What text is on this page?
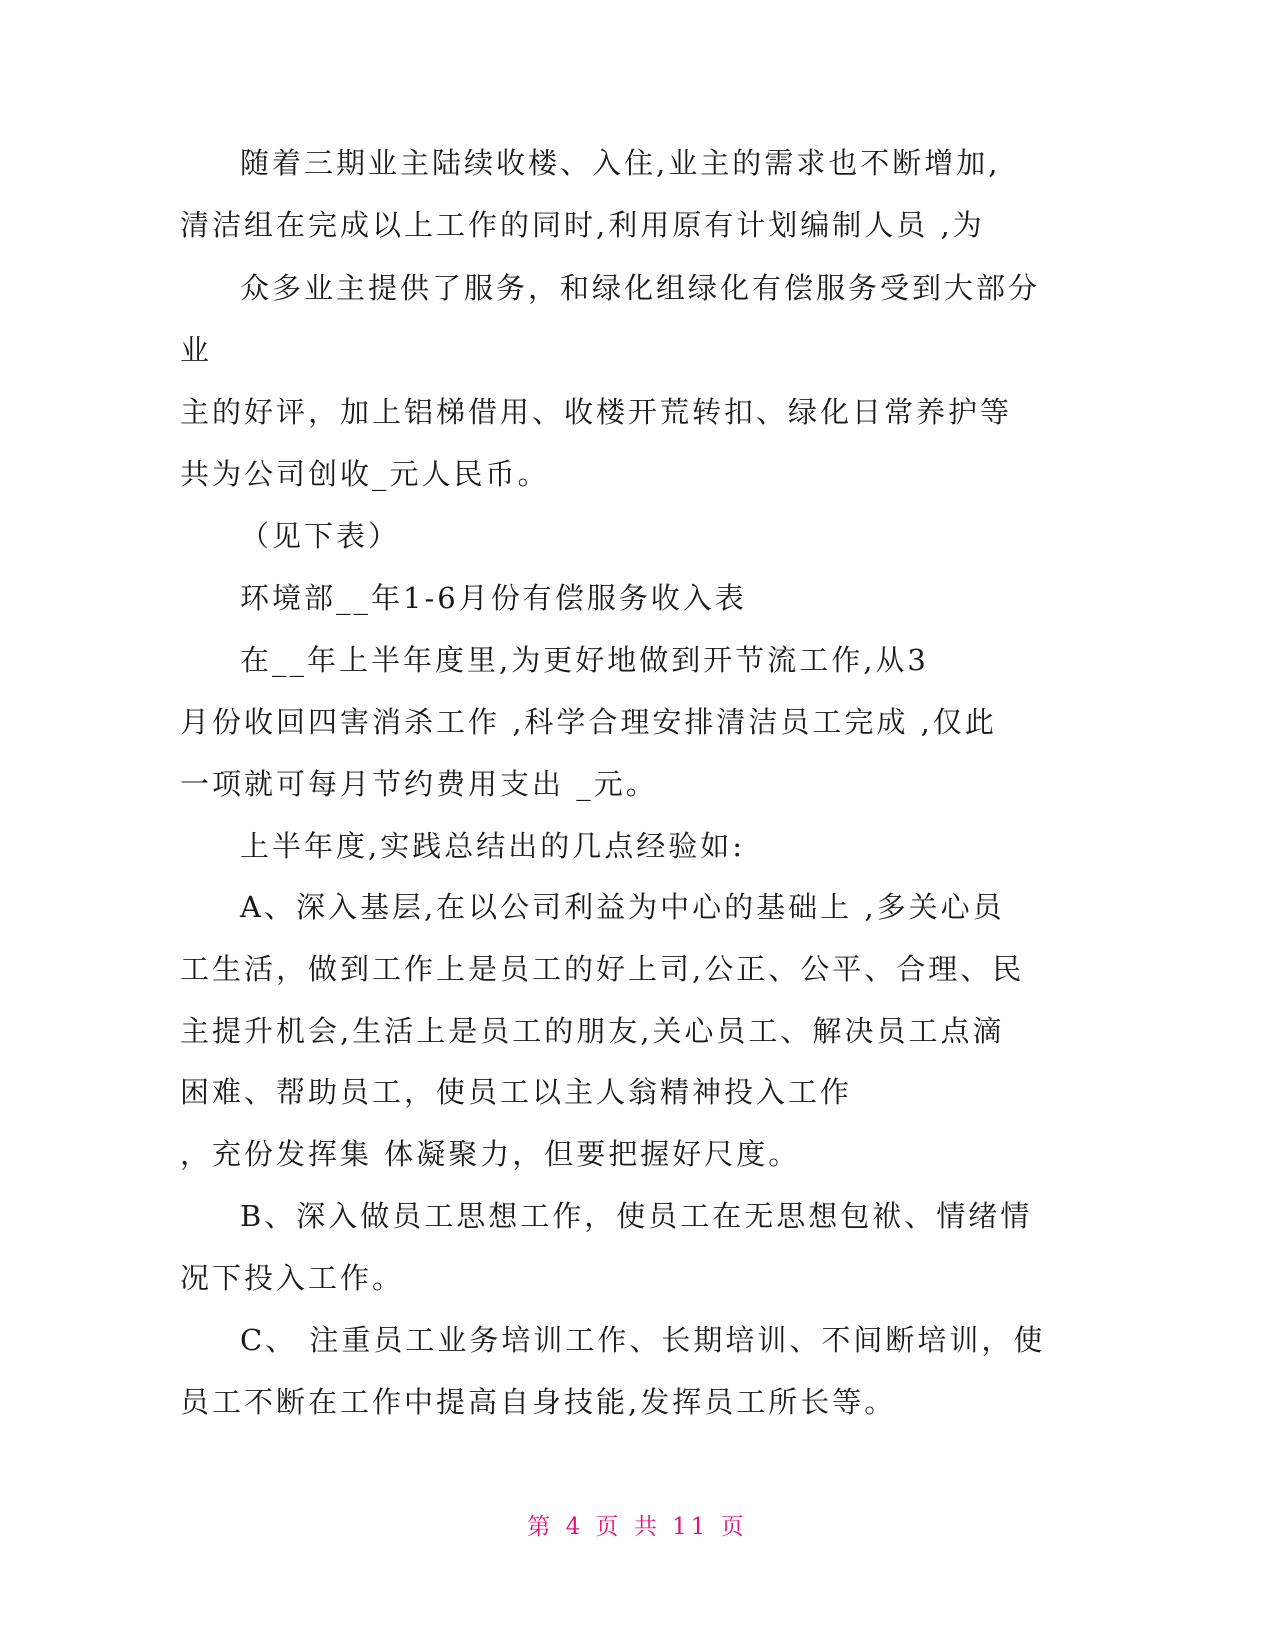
随着三期业主陆续收楼、入住,业主的需求也不断增加,
清洁组在完成以上工作的同时,利用原有计划编制人员 ,为
众多业主提供了服务，和绿化组绿化有偿服务受到大部分
业
主的好评，加上铝梯借用、收楼开荒转扣、绿化日常养护等
共为公司创收_元人民币。
（见下表）
环境部__年1-6月份有偿服务收入表
在__年上半年度里,为更好地做到开节流工作,从3
月份收回四害消杀工作 ,科学合理安排清洁员工完成 ,仅此
一项就可每月节约费用支出 _元。
上半年度,实践总结出的几点经验如:
A、深入基层,在以公司利益为中心的基础上 ,多关心员
工生活，做到工作上是员工的好上司,公正、公平、合理、民
主提升机会,生活上是员工的朋友,关心员工、解决员工点滴
困难、帮助员工，使员工以主人翁精神投入工作
，充份发挥集 体凝聚力，但要把握好尺度。
B、深入做员工思想工作，使员工在无思想包袱、情绪情
况下投入工作。
C、 注重员工业务培训工作、长期培训、不间断培训，使
员工不断在工作中提高自身技能,发挥员工所长等。
第 4 页 共 11 页
